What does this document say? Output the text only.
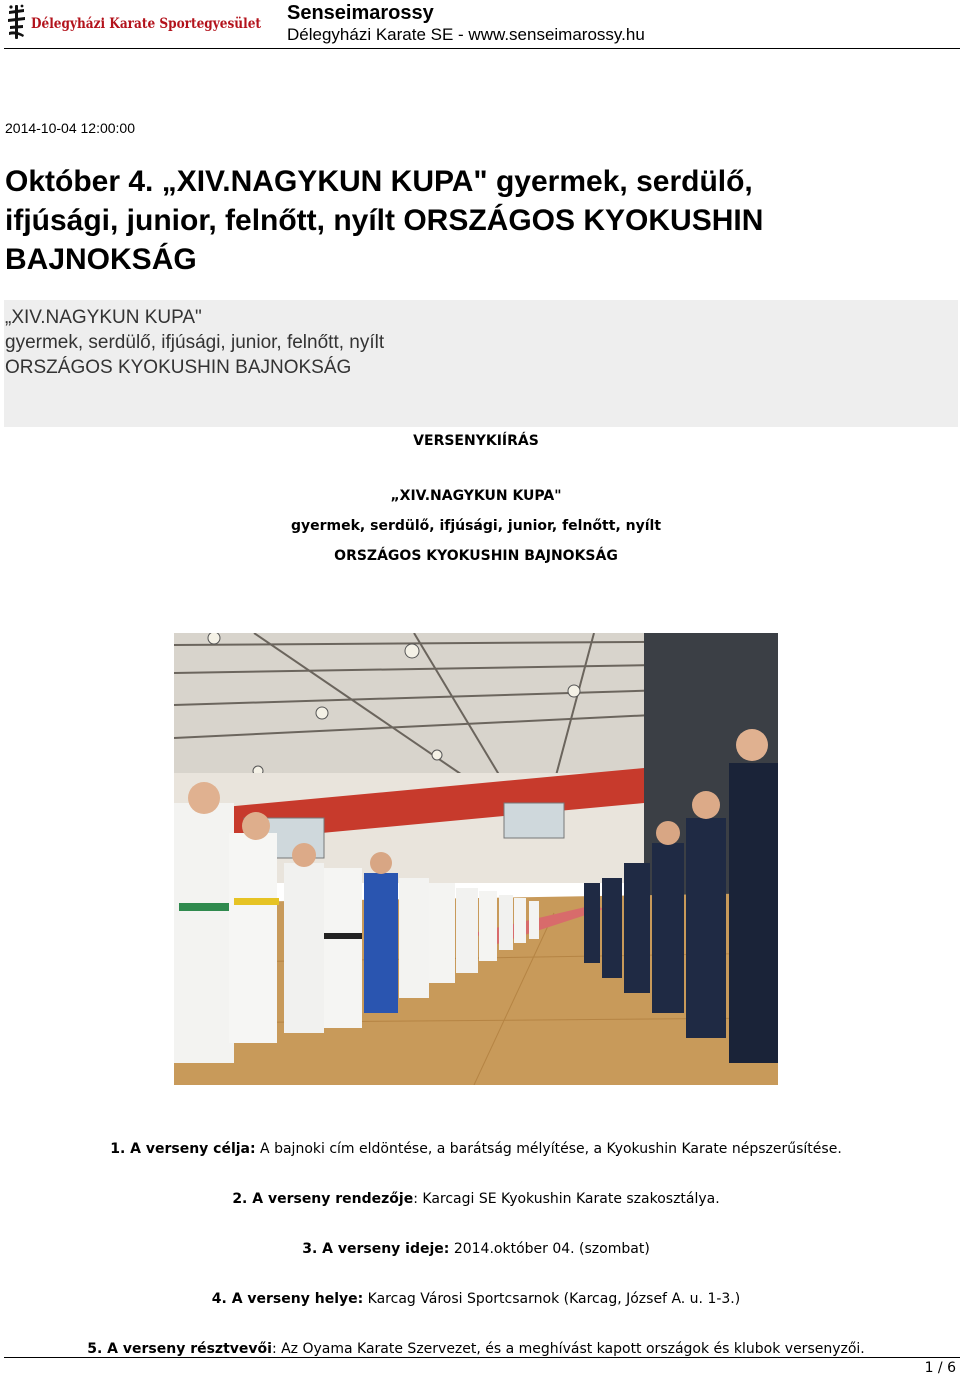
Délegyházi Karate Sportegyesület Senseimarossy
Délegyházi Karate SE - www.senseimarossy.hu
2014-10-04 12:00:00
Október 4. „XIV.NAGYKUN KUPA" gyermek, serdülő,
ifjúsági, junior, felnőtt, nyílt ORSZÁGOS KYOKUSHIN
BAJNOKSÁG
„XIV.NAGYKUN KUPA"
gyermek, serdülő, ifjúsági, junior, felnőtt, nyílt
ORSZÁGOS KYOKUSHIN BAJNOKSÁG
VERSENYKIÍRÁS
„XIV.NAGYKUN KUPA"
gyermek, serdülő, ifjúsági, junior, felnőtt, nyílt
ORSZÁGOS KYOKUSHIN BAJNOKSÁG
1. A verseny célja: A bajnoki cím eldöntése, a barátság mélyítése, a Kyokushin Karate népszerűsítése.
2. A verseny rendezője: Karcagi SE Kyokushin Karate szakosztálya.
3. A verseny ideje: 2014.október 04. (szombat)
4. A verseny helye: Karcag Városi Sportcsarnok (Karcag, József A. u. 1-3.)
5. A verseny résztvevői: Az Oyama Karate Szervezet, és a meghívást kapott országok és klubok versenyzői.
1 / 6
